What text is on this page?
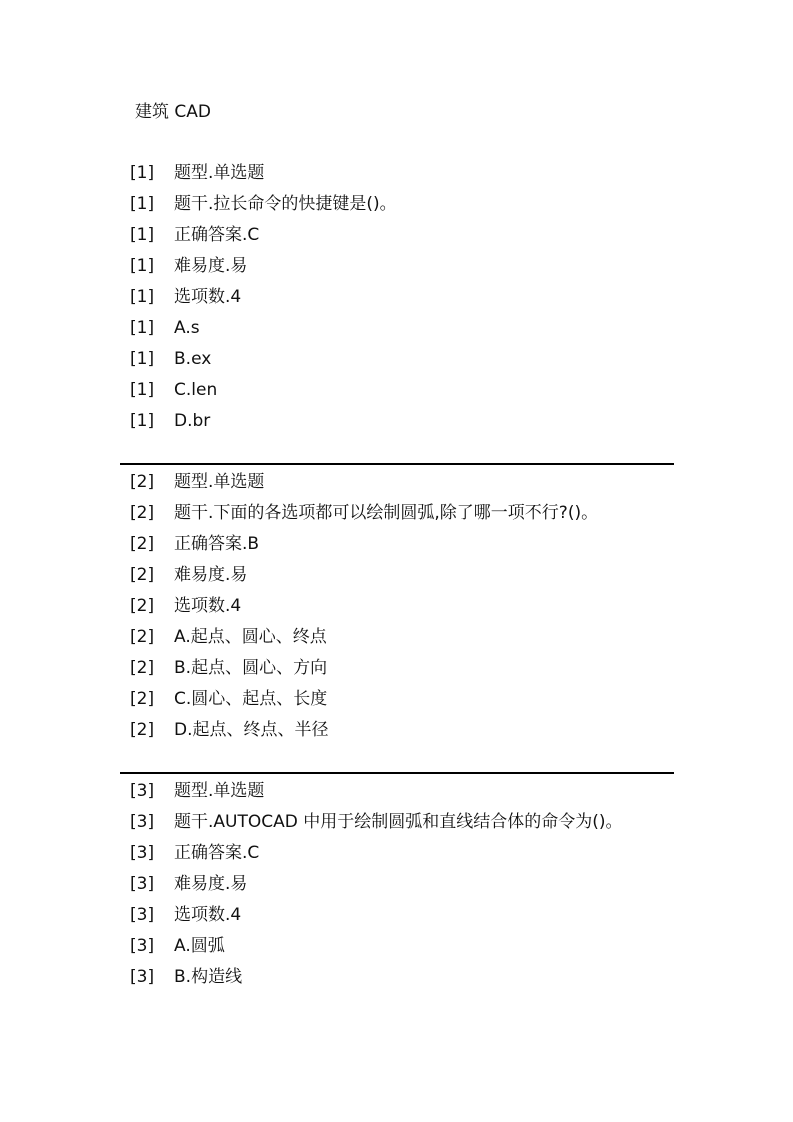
建筑 CAD
[1] 题型.单选题
[1] 题干.拉长命令的快捷键是()。
[1] 正确答案.C
[1] 难易度.易
[1] 选项数.4
[1] A.s
[1] B.ex
[1] C.len
[1] D.br
[2] 题型.单选题
[2] 题干.下面的各选项都可以绘制圆弧,除了哪一项不行?()。
[2] 正确答案.B
[2] 难易度.易
[2] 选项数.4
[2] A.起点、圆心、终点
[2] B.起点、圆心、方向
[2] C.圆心、起点、长度
[2] D.起点、终点、半径
[3] 题型.单选题
[3] 题干.AUTOCAD 中用于绘制圆弧和直线结合体的命令为()。
[3] 正确答案.C
[3] 难易度.易
[3] 选项数.4
[3] A.圆弧
[3] B.构造线
